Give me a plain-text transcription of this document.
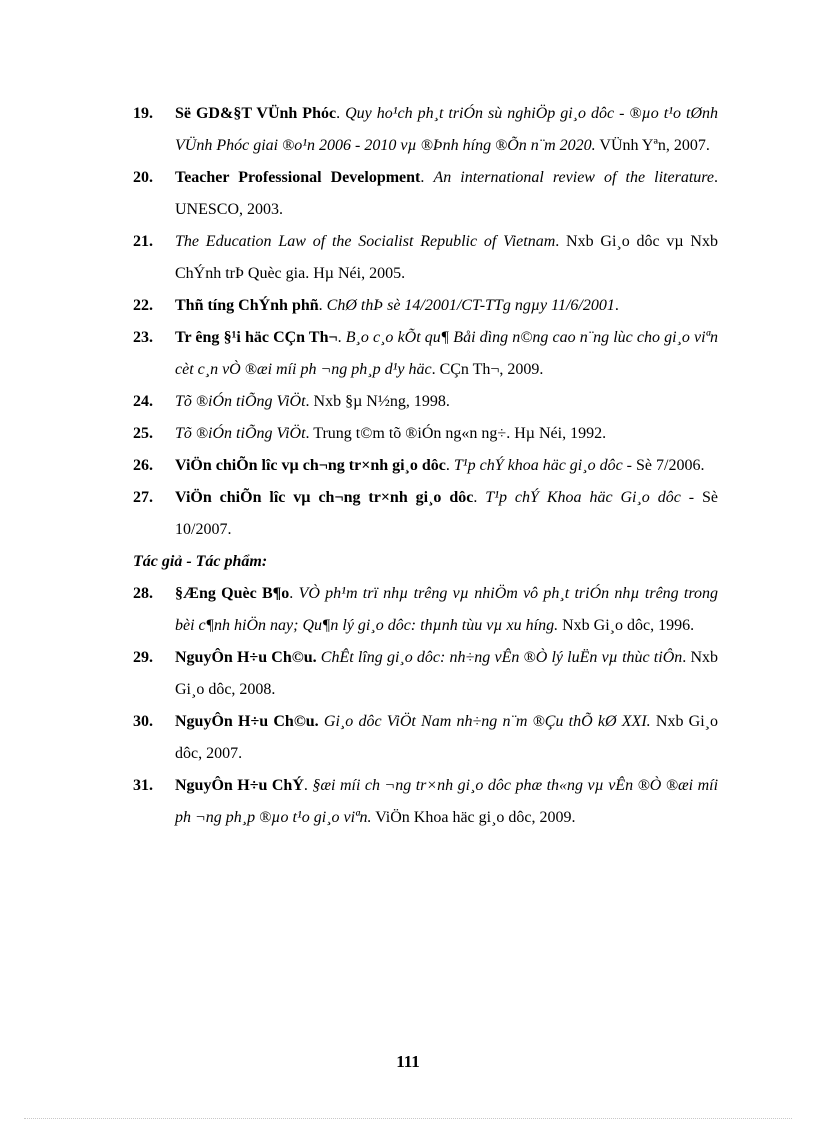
19.	Së GD&§T VÜnh Phóc. Quy ho¹ch ph¸t triÓn sù nghiÖp gi¸o dôc - ®µo t¹o tØnh VÜnh Phóc giai ®o¹n 2006 - 2010 vµ ®Þnh híng ®Õn n¨m 2020. VÜnh Yªn, 2007.
20.	Teacher Professional Development. An international review of the literature. UNESCO, 2003.
21.	The Education Law of the Socialist Republic of Vietnam. Nxb Gi¸o dôc vµ Nxb ChÝnh trÞ Quèc gia. Hµ Néi, 2005.
22.	Thñ tíng ChÝnh phñ. ChØ thÞ sè 14/2001/CT-TTg ngµy 11/6/2001.
23.	Tr êng §¹i häc CÇn Th¬. B¸o c¸o kÕt qu¶ Båi dìng n©ng cao n¨ng lùc cho gi¸o viªn cèt c¸n vÒ ®æi míi ph ¬ng ph¸p d¹y häc. CÇn Th¬, 2009.
24.	Tõ ®iÓn tiÕng ViÖt. Nxb §µ N½ng, 1998.
25.	Tõ ®iÓn tiÕng ViÖt. Trung t©m tõ ®iÓn ng«n ng÷. Hµ Néi, 1992.
26.	ViÖn chiÕn lîc vµ ch¬ng tr×nh gi¸o dôc. T¹p chÝ khoa häc gi¸o dôc - Sè 7/2006.
27.	ViÖn chiÕn lîc vµ ch¬ng tr×nh gi¸o dôc. T¹p chÝ Khoa häc Gi¸o dôc - Sè 10/2007.
Tác giả - Tác phẩm:
28.	§Æng Quèc B¶o. VÒ ph¹m trï nhµ trêng vµ nhiÖm vô ph¸t triÓn nhµ trêng trong bèi c¶nh hiÖn nay; Qu¶n lý gi¸o dôc: thµnh tùu vµ xu híng. Nxb Gi¸o dôc, 1996.
29.	NguyÔn H÷u Ch©u. ChÊt lîng gi¸o dôc: nh÷ng vÊn ®Ò lý luËn vµ thùc tiÔn. Nxb Gi¸o dôc, 2008.
30.	NguyÔn H÷u Ch©u. Gi¸o dôc ViÖt Nam nh÷ng n¨m ®Çu thÕ kØ XXI. Nxb Gi¸o dôc, 2007.
31.	NguyÔn H÷u ChÝ. §æi míi ch ¬ng tr×nh gi¸o dôc phæ th«ng vµ vÊn ®Ò ®æi míi ph ¬ng ph¸p ®µo t¹o gi¸o viªn. ViÖn Khoa häc gi¸o dôc, 2009.
111
